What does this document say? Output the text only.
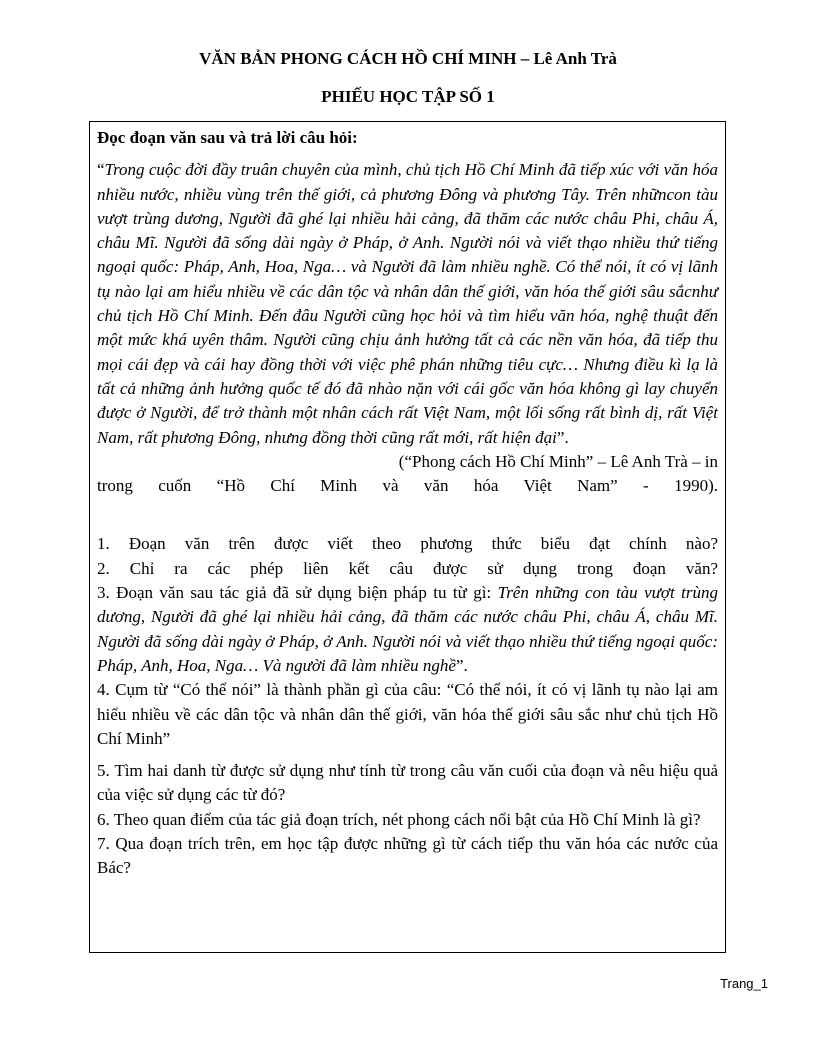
VĂN BẢN PHONG CÁCH HỒ CHÍ MINH – Lê Anh Trà
PHIẾU HỌC TẬP SỐ 1

Đọc đoạn văn sau và trả lời câu hỏi:

“Trong cuộc đời đầy truân chuyên của mình, chủ tịch Hồ Chí Minh đã tiếp xúc với văn hóa nhiều nước, nhiều vùng trên thế giới, cả phương Đông và phương Tây. Trên nhữncon tàu vượt trùng dương, Người đã ghé lại nhiều hải cảng, đã thăm các nước châu Phi, châu Á, châu Mĩ. Người đã sống dài ngày ở Pháp, ở Anh. Người nói và viết thạo nhiều thứ tiếng ngoại quốc: Pháp, Anh, Hoa, Nga… và Người đã làm nhiều nghề. Có thể nói, ít có vị lãnh tụ nào lại am hiểu nhiều về các dân tộc và nhân dân thế giới, văn hóa thế giới sâu sắcnhư chủ tịch Hồ Chí Minh. Đến đâu Người cũng học hỏi và tìm hiểu văn hóa, nghệ thuật đến một mức khá uyên thâm. Người cũng chịu ảnh hưởng tất cả các nền văn hóa, đã tiếp thu mọi cái đẹp và cái hay đồng thời với việc phê phán những tiêu cực… Nhưng điều kì lạ là tất cả những ảnh hưởng quốc tế đó đã nhào nặn với cái gốc văn hóa không gì lay chuyển được ở Người, để trở thành một nhân cách rất Việt Nam, một lối sống rất bình dị, rất Việt Nam, rất phương Đông, nhưng đồng thời cũng rất mới, rất hiện đại”.

(“Phong cách Hồ Chí Minh” – Lê Anh Trà – in

trong cuốn “Hồ Chí Minh và văn hóa Việt Nam” - 1990).

1. Đoạn văn trên được viết theo phương thức biểu đạt chính nào?

2. Chỉ ra các phép liên kết câu được sử dụng trong đoạn văn?

3. Đoạn văn sau tác giả đã sử dụng biện pháp tu từ gì: Trên những con tàu vượt trùng dương, Người đã ghé lại nhiều hải cảng, đã thăm các nước châu Phi, châu Á, châu Mĩ. Người đã sống dài ngày ở Pháp, ở Anh. Người nói và viết thạo nhiều thứ tiếng ngoại quốc: Pháp, Anh, Hoa, Nga… Và người đã làm nhiều nghề”.

4. Cụm từ “Có thể nói” là thành phần gì của câu: “Có thể nói, ít có vị lãnh tụ nào lại am hiểu nhiều về các dân tộc và nhân dân thế giới, văn hóa thế giới sâu sắc như chủ tịch Hồ Chí Minh”

5. Tìm hai danh từ được sử dụng như tính từ trong câu văn cuối của đoạn và nêu hiệu quả của việc sử dụng các từ đó?

6. Theo quan điểm của tác giả đoạn trích, nét phong cách nổi bật của Hồ Chí Minh là gì?

7. Qua đoạn trích trên, em học tập được những gì từ cách tiếp thu văn hóa các nước của Bác?

Trang_1
